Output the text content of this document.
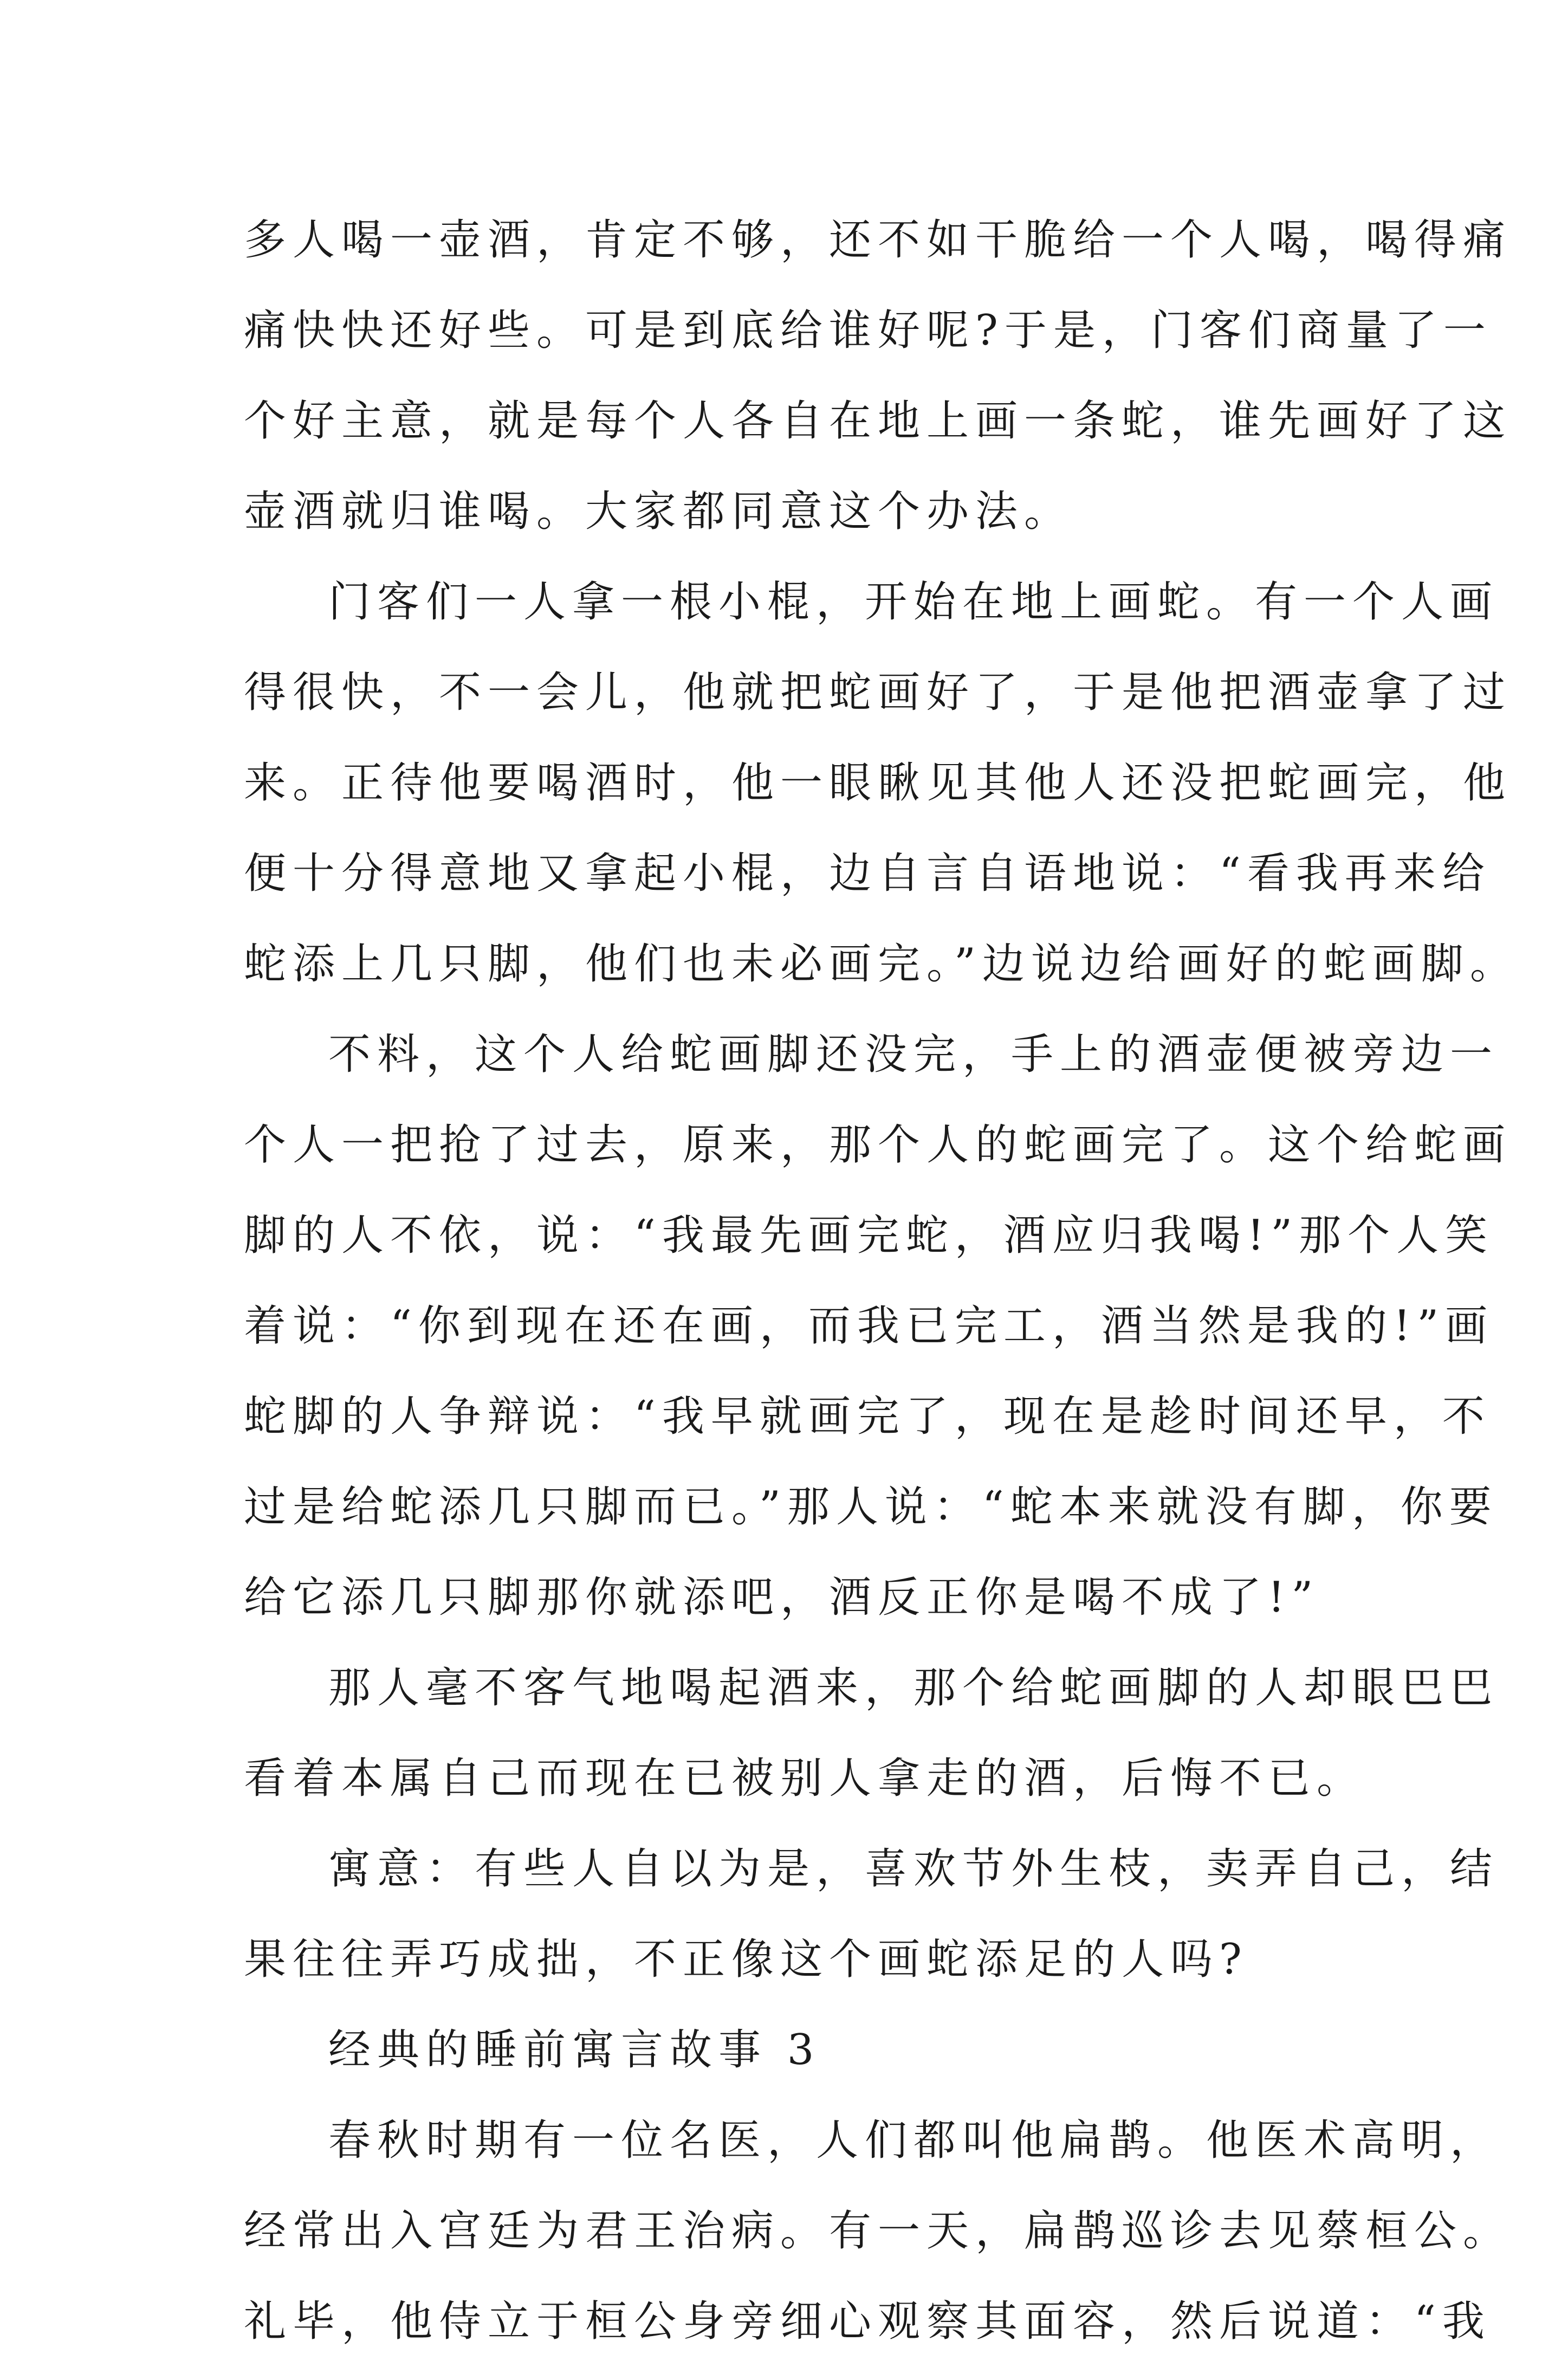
多人喝一壶酒，肯定不够，还不如干脆给一个人喝，喝得痛
痛快快还好些。可是到底给谁好呢?于是，门客们商量了一
个好主意，就是每个人各自在地上画一条蛇，谁先画好了这
壶酒就归谁喝。大家都同意这个办法。
门客们一人拿一根小棍，开始在地上画蛇。有一个人画
得很快，不一会儿，他就把蛇画好了，于是他把酒壶拿了过
来。正待他要喝酒时，他一眼瞅见其他人还没把蛇画完，他
便十分得意地又拿起小棍，边自言自语地说：“看我再来给
蛇添上几只脚，他们也未必画完。”边说边给画好的蛇画脚。
不料，这个人给蛇画脚还没完，手上的酒壶便被旁边一
个人一把抢了过去，原来，那个人的蛇画完了。这个给蛇画
脚的人不依，说：“我最先画完蛇，酒应归我喝!”那个人笑
着说：“你到现在还在画，而我已完工，酒当然是我的!”画
蛇脚的人争辩说：“我早就画完了，现在是趁时间还早，不
过是给蛇添几只脚而已。”那人说：“蛇本来就没有脚，你要
给它添几只脚那你就添吧，酒反正你是喝不成了!”
那人毫不客气地喝起酒来，那个给蛇画脚的人却眼巴巴
看着本属自己而现在已被别人拿走的酒，后悔不已。
寓意：有些人自以为是，喜欢节外生枝，卖弄自己，结
果往往弄巧成拙，不正像这个画蛇添足的人吗?
经典的睡前寓言故事 3
春秋时期有一位名医，人们都叫他扁鹊。他医术高明，
经常出入宫廷为君王治病。有一天，扁鹊巡诊去见蔡桓公。
礼毕，他侍立于桓公身旁细心观察其面容，然后说道：“我
